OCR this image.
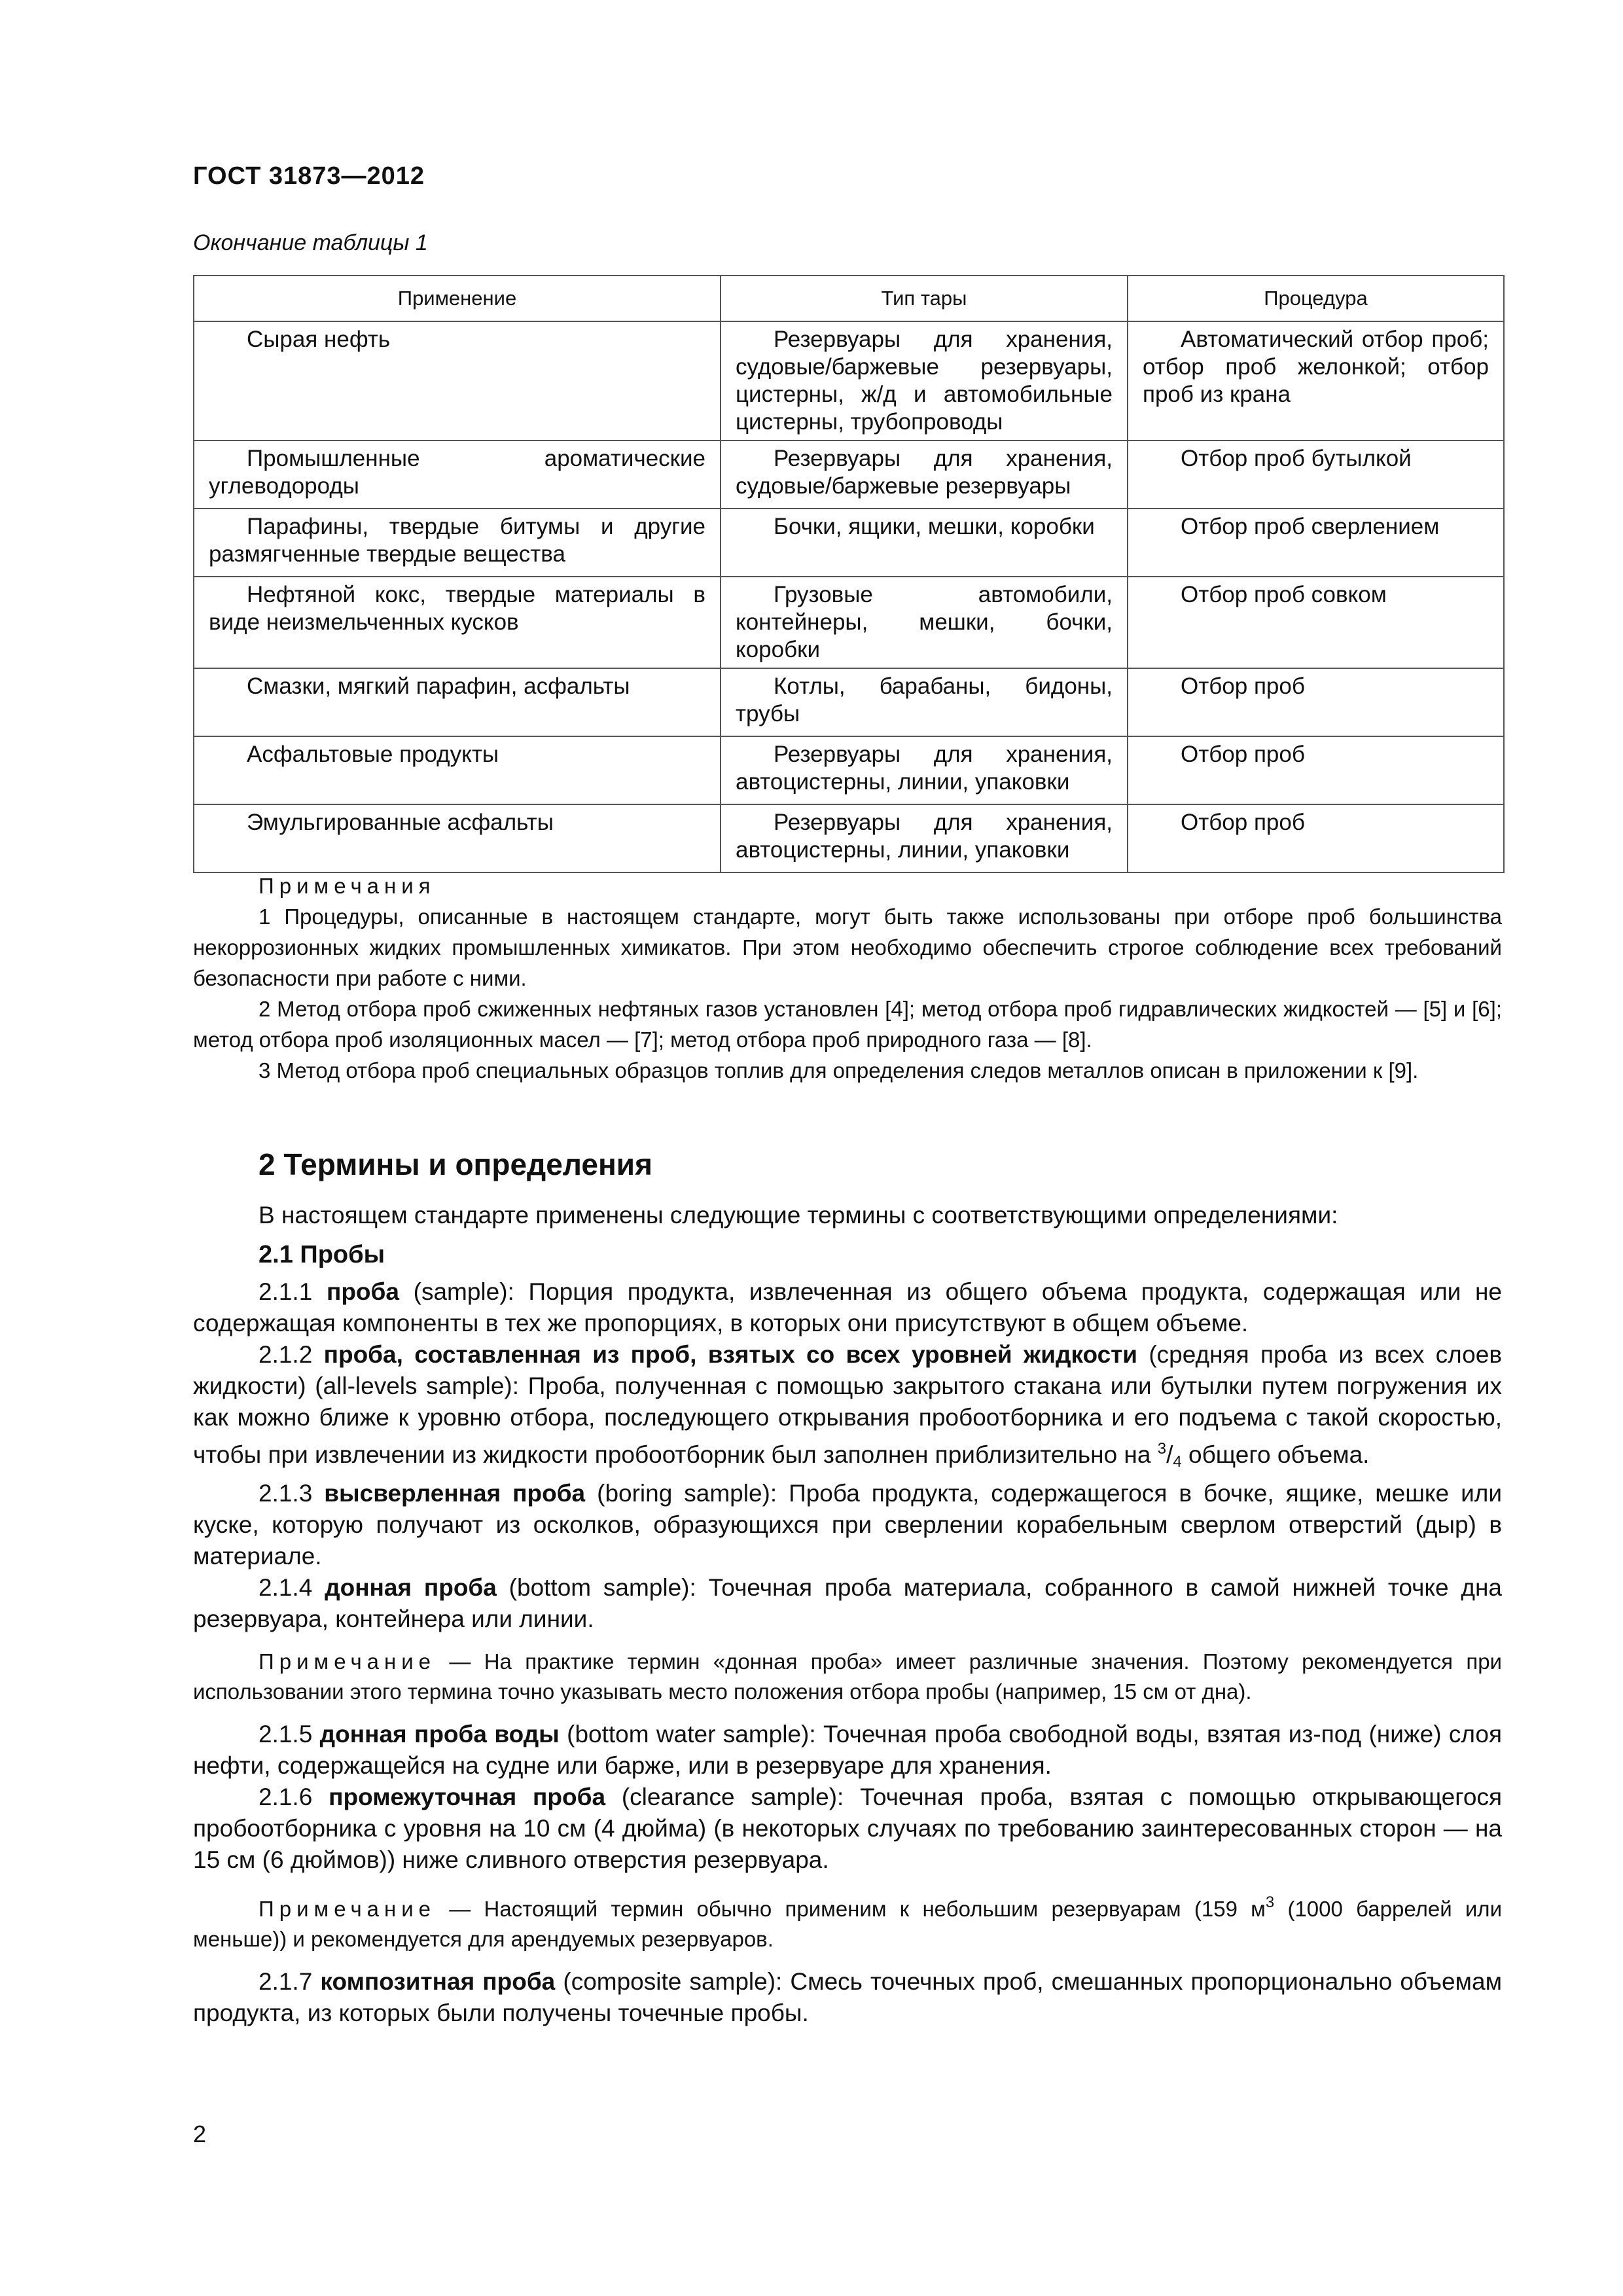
ГОСТ 31873—2012
Окончание таблицы 1
Применение	Тип тары	Процедура
Сырая нефть	Резервуары для хранения, судовые/баржевые резервуары, цистерны, ж/д и автомобильные цистерны, трубопроводы	Автоматический отбор проб; отбор проб желонкой; отбор проб из крана
Промышленные ароматические углеводороды	Резервуары для хранения, судовые/баржевые резервуары	Отбор проб бутылкой
Парафины, твердые битумы и другие размягченные твердые вещества	Бочки, ящики, мешки, коробки	Отбор проб сверлением
Нефтяной кокс, твердые материалы в виде неизмельченных кусков	Грузовые автомобили, контейнеры, мешки, бочки, коробки	Отбор проб совком
Смазки, мягкий парафин, асфальты	Котлы, барабаны, бидоны, трубы	Отбор проб
Асфальтовые продукты	Резервуары для хранения, автоцистерны, линии, упаковки	Отбор проб
Эмульгированные асфальты	Резервуары для хранения, автоцистерны, линии, упаковки	Отбор проб

Примечания

1 Процедуры, описанные в настоящем стандарте, могут быть также использованы при отборе проб большинства некоррозионных жидких промышленных химикатов. При этом необходимо обеспечить строгое соблюдение всех требований безопасности при работе с ними.

2 Метод отбора проб сжиженных нефтяных газов установлен [4]; метод отбора проб гидравлических жидкостей — [5] и [6]; метод отбора проб изоляционных масел — [7]; метод отбора проб природного газа — [8].

3 Метод отбора проб специальных образцов топлив для определения следов металлов описан в приложении к [9].

2 Термины и определения
В настоящем стандарте применены следующие термины с соответствующими определениями:
2.1 Пробы

2.1.1 проба (sample): Порция продукта, извлеченная из общего объема продукта, содержащая или не содержащая компоненты в тех же пропорциях, в которых они присутствуют в общем объеме.

2.1.2 проба, составленная из проб, взятых со всех уровней жидкости (средняя проба из всех слоев жидкости) (all-levels sample): Проба, полученная с помощью закрытого стакана или бутылки путем погружения их как можно ближе к уровню отбора, последующего открывания пробоотборника и его подъема с такой скоростью, чтобы при извлечении из жидкости пробоотборник был заполнен приблизительно на $^3$/4 общего объема.

2.1.3 высверленная проба (boring sample): Проба продукта, содержащегося в бочке, ящике, мешке или куске, которую получают из осколков, образующихся при сверлении корабельным сверлом отверстий (дыр) в материале.

2.1.4 донная проба (bottom sample): Точечная проба материала, собранного в самой нижней точке дна резервуара, контейнера или линии.

Примечание — На практике термин «донная проба» имеет различные значения. Поэтому рекомендуется при использовании этого термина точно указывать место положения отбора пробы (например, 15 см от дна).

2.1.5 донная проба воды (bottom water sample): Точечная проба свободной воды, взятая из-под (ниже) слоя нефти, содержащейся на судне или барже, или в резервуаре для хранения.

2.1.6 промежуточная проба (clearance sample): Точечная проба, взятая с помощью открывающегося пробоотборника с уровня на 10 см (4 дюйма) (в некоторых случаях по требованию заинтересованных сторон — на 15 см (6 дюймов)) ниже сливного отверстия резервуара.

Примечание — Настоящий термин обычно применим к небольшим резервуарам (159 $м^3$ (1000 баррелей или меньше)) и рекомендуется для арендуемых резервуаров.

2.1.7 композитная проба (composite sample): Смесь точечных проб, смешанных пропорционально объемам продукта, из которых были получены точечные пробы.

2
